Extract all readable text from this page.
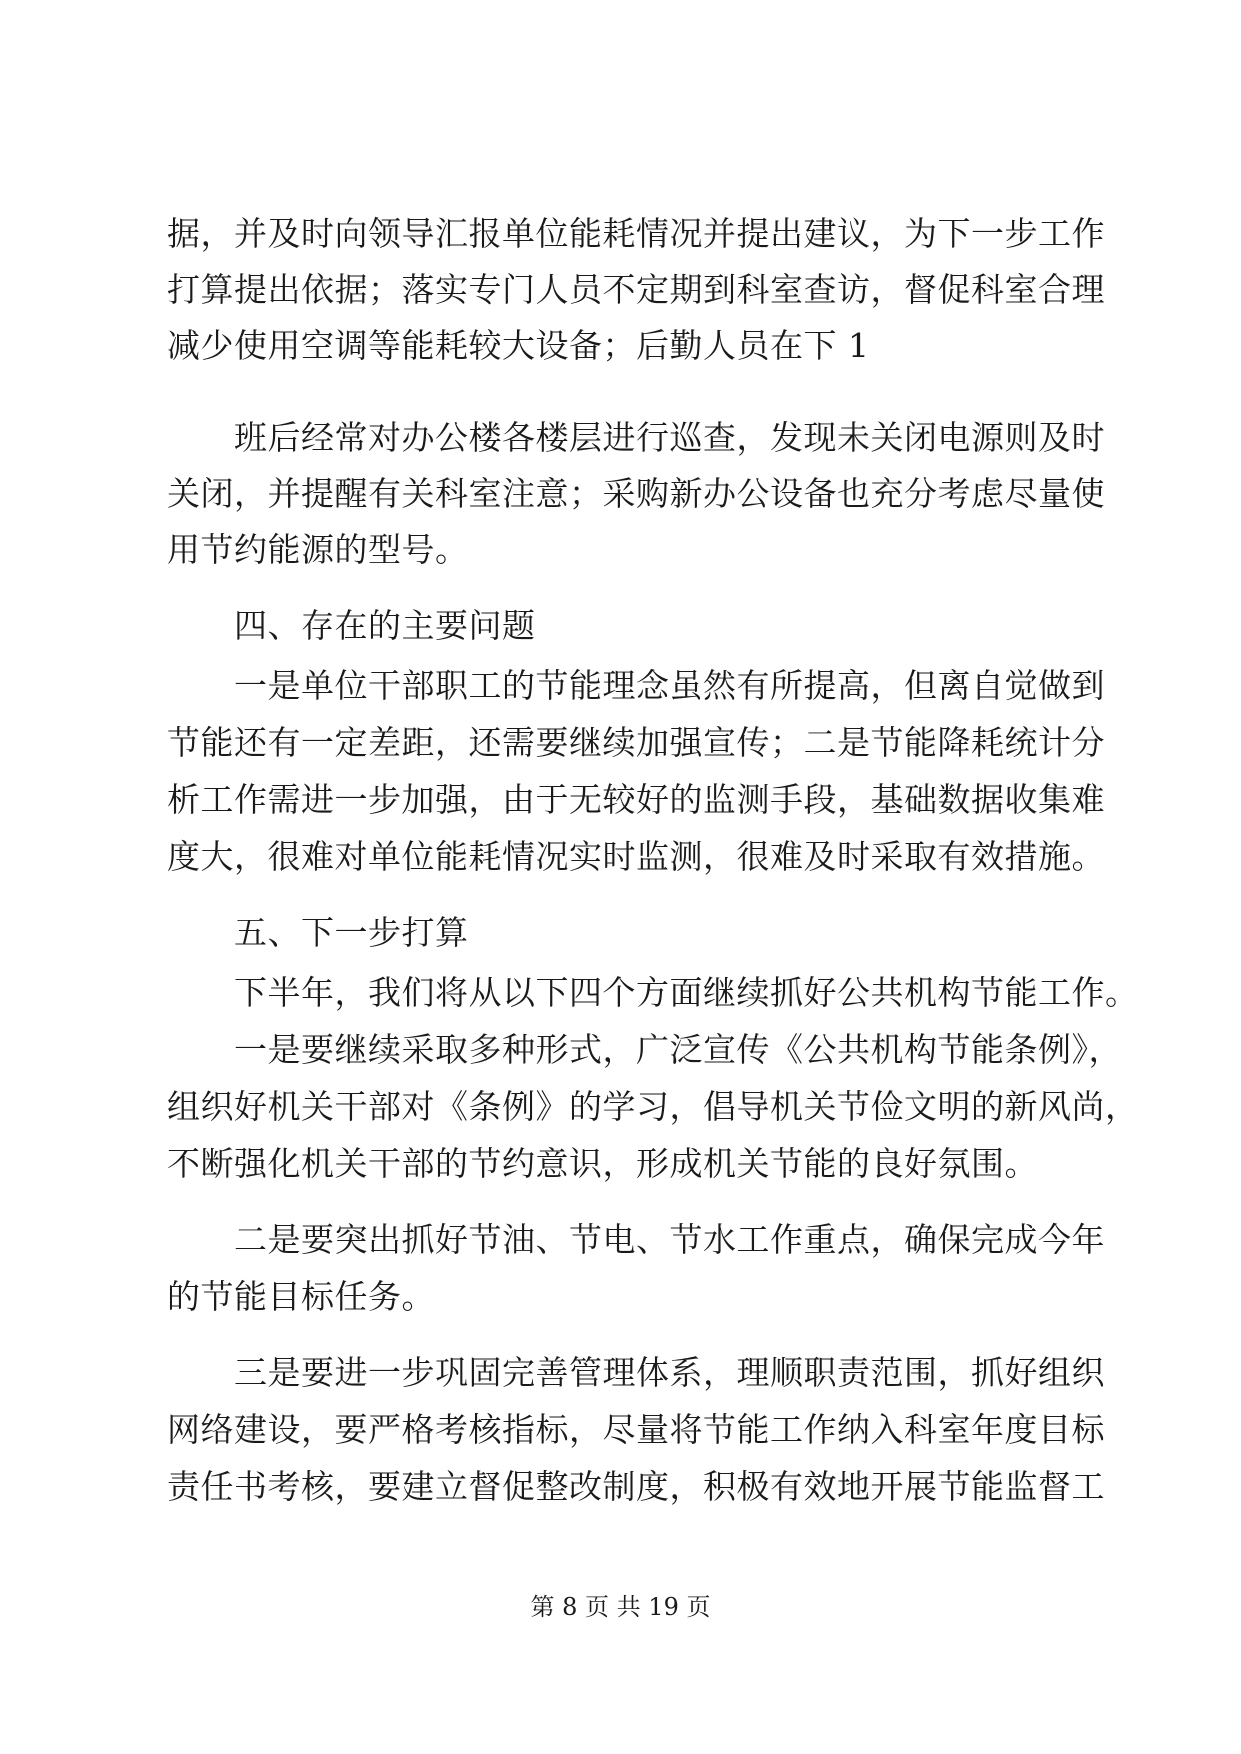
据，并及时向领导汇报单位能耗情况并提出建议，为下一步工作
打算提出依据；落实专门人员不定期到科室查访，督促科室合理
减少使用空调等能耗较大设备；后勤人员在下 1
　　班后经常对办公楼各楼层进行巡查，发现未关闭电源则及时
关闭，并提醒有关科室注意；采购新办公设备也充分考虑尽量使
用节约能源的型号。
　　四、存在的主要问题
　　一是单位干部职工的节能理念虽然有所提高，但离自觉做到
节能还有一定差距，还需要继续加强宣传；二是节能降耗统计分
析工作需进一步加强，由于无较好的监测手段，基础数据收集难
度大，很难对单位能耗情况实时监测，很难及时采取有效措施。
　　五、下一步打算
　　下半年，我们将从以下四个方面继续抓好公共机构节能工作。
　　一是要继续采取多种形式，广泛宣传《公共机构节能条例》，
组织好机关干部对《条例》的学习，倡导机关节俭文明的新风尚，
不断强化机关干部的节约意识，形成机关节能的良好氛围。
　　二是要突出抓好节油、节电、节水工作重点，确保完成今年
的节能目标任务。
　　三是要进一步巩固完善管理体系，理顺职责范围，抓好组织
网络建设，要严格考核指标，尽量将节能工作纳入科室年度目标
责任书考核，要建立督促整改制度，积极有效地开展节能监督工
第 8 页 共 19 页
